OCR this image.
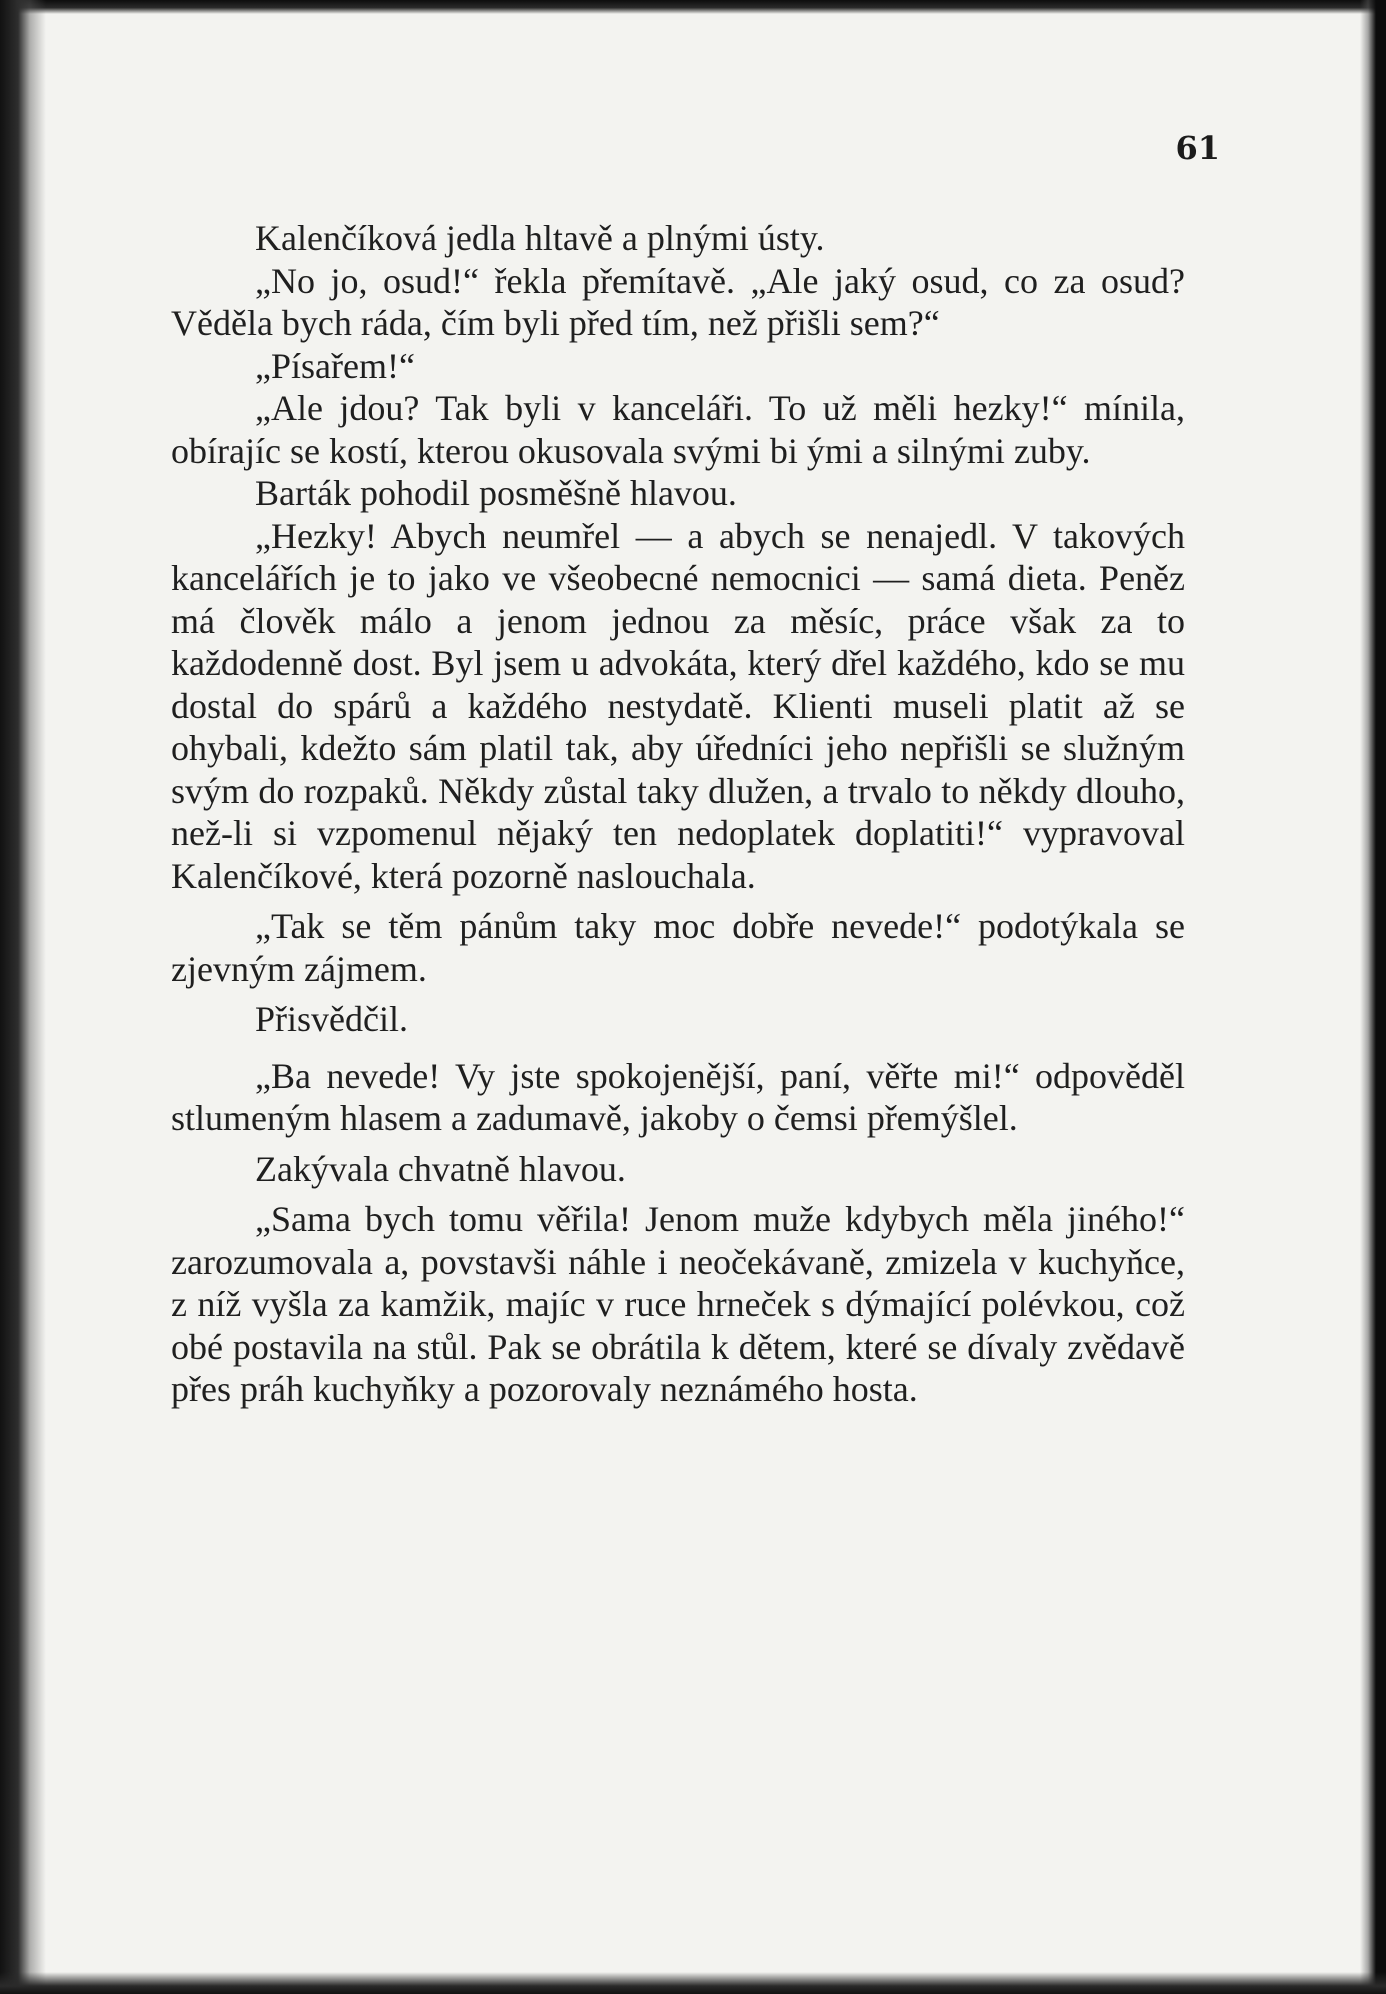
61

Kalenčíková jedla hltavě a plnými ústy.

„No jo, osud!“ řekla přemítavě. „Ale jaký osud, co za osud? Věděla bych ráda, čím byli před tím, než přišli sem?“

„Písařem!“

„Ale jdou? Tak byli v kanceláři. To už měli hezky!“ mínila, obírajíc se kostí, kterou okusovala svými bi ými a silnými zuby.

Barták pohodil posměšně hlavou.

„Hezky! Abych neumřel — a abych se nenajedl. V takových kancelářích je to jako ve všeobecné nemocnici — samá dieta. Peněz má člověk málo a jenom jednou za měsíc, práce však za to každodenně dost. Byl jsem u advokáta, který dřel každého, kdo se mu dostal do spárů a každého nestydatě. Klienti museli platit až se ohybali, kdežto sám platil tak, aby úředníci jeho nepřišli se služným svým do rozpaků. Někdy zůstal taky dlužen, a trvalo to někdy dlouho, než-li si vzpomenul nějaký ten nedoplatek doplatiti!“ vypravoval Kalenčíkové, která pozorně naslouchala.

„Tak se těm pánům taky moc dobře nevede!“ podotýkala se zjevným zájmem.

Přisvědčil.

„Ba nevede! Vy jste spokojenější, paní, věřte mi!“ odpověděl stlumeným hlasem a zadumavě, jakoby o čemsi přemýšlel.

Zakývala chvatně hlavou.

„Sama bych tomu věřila! Jenom muže kdybych měla jiného!“ zarozumovala a, povstavši náhle i neočekávaně, zmizela v kuchyňce, z níž vyšla za kamžik, majíc v ruce hrneček s dýmající polévkou, což obé postavila na stůl. Pak se obrátila k dětem, které se dívaly zvědavě přes práh kuchyňky a pozorovaly neznámého hosta.
